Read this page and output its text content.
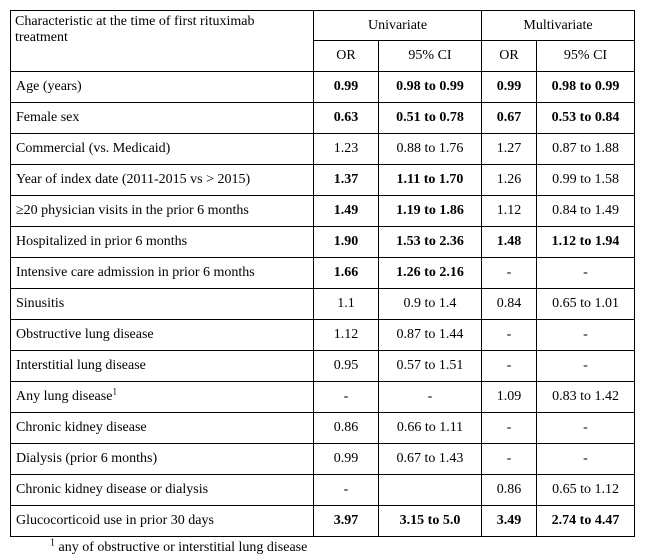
Characteristic at the time of first rituximab treatment	Univariate		Multivariate	
	OR	95% CI	OR	95% CI
Age (years)	0.99	0.98 to 0.99	0.99	0.98 to 0.99
Female sex	0.63	0.51 to 0.78	0.67	0.53 to 0.84
Commercial (vs. Medicaid)	1.23	0.88 to 1.76	1.27	0.87 to 1.88
Year of index date (2011-2015 vs > 2015)	1.37	1.11 to 1.70	1.26	0.99 to 1.58
≥20 physician visits in the prior 6 months	1.49	1.19 to 1.86	1.12	0.84 to 1.49
Hospitalized in prior 6 months	1.90	1.53 to 2.36	1.48	1.12 to 1.94
Intensive care admission in prior 6 months	1.66	1.26 to 2.16	-	-
Sinusitis	1.1	0.9 to 1.4	0.84	0.65 to 1.01
Obstructive lung disease	1.12	0.87 to 1.44	-	-
Interstitial lung disease	0.95	0.57 to 1.51	-	-
Any lung disease$^1$	-	-	1.09	0.83 to 1.42
Chronic kidney disease	0.86	0.66 to 1.11	-	-
Dialysis (prior 6 months)	0.99	0.67 to 1.43	-	-
Chronic kidney disease or dialysis	-		0.86	0.65 to 1.12
Glucocorticoid use in prior 30 days	3.97	3.15 to 5.0	3.49	2.74 to 4.47
$^1$ any of obstructive or interstitial lung disease
